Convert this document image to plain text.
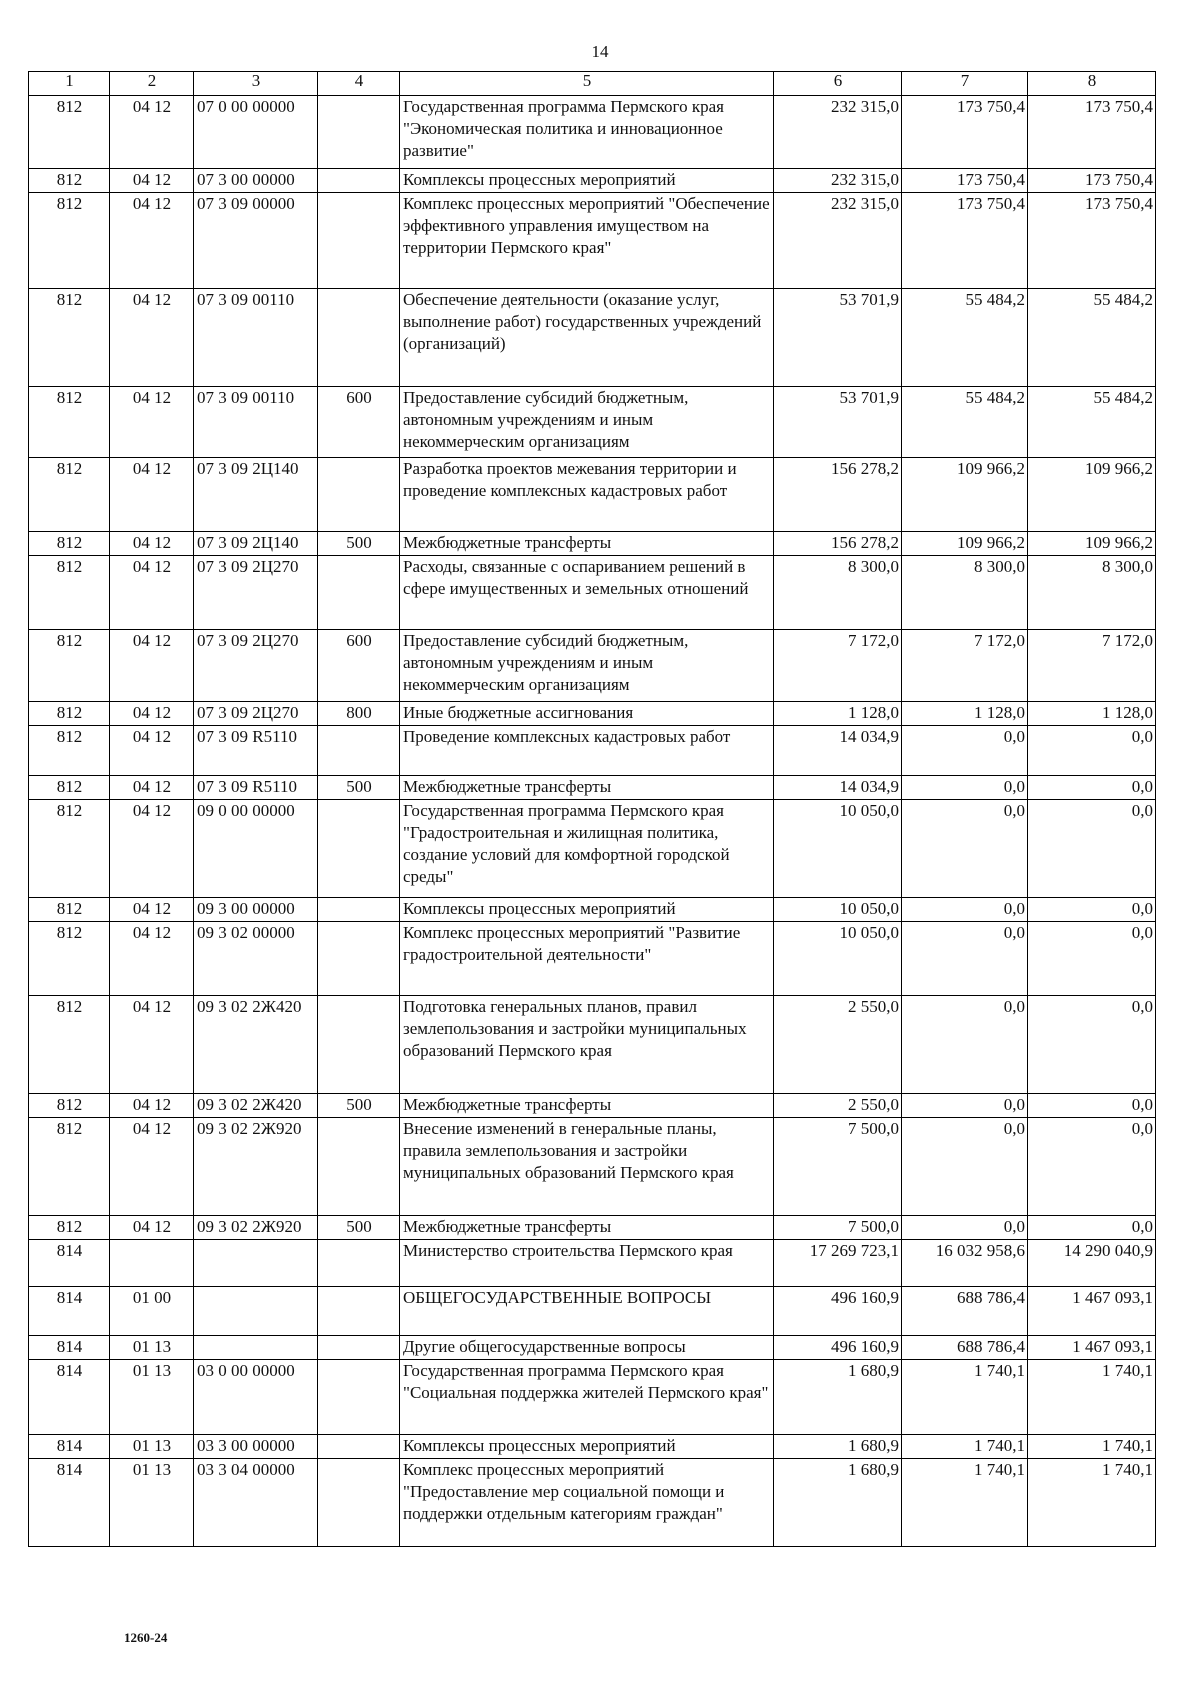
14
1	2	3	4	5	6	7	8
812	04 12	07 0 00 00000		Государственная программа Пермского края "Экономическая политика и инновационное развитие"	232 315,0	173 750,4	173 750,4
812	04 12	07 3 00 00000		Комплексы процессных мероприятий	232 315,0	173 750,4	173 750,4
812	04 12	07 3 09 00000		Комплекс процессных мероприятий "Обеспечение эффективного управления имуществом на территории Пермского края"	232 315,0	173 750,4	173 750,4
812	04 12	07 3 09 00110		Обеспечение деятельности (оказание услуг, выполнение работ) государственных учреждений (организаций)	53 701,9	55 484,2	55 484,2
812	04 12	07 3 09 00110	600	Предоставление субсидий бюджетным, автономным учреждениям и иным некоммерческим организациям	53 701,9	55 484,2	55 484,2
812	04 12	07 3 09 2Ц140		Разработка проектов межевания территории и проведение комплексных кадастровых работ	156 278,2	109 966,2	109 966,2
812	04 12	07 3 09 2Ц140	500	Межбюджетные трансферты	156 278,2	109 966,2	109 966,2
812	04 12	07 3 09 2Ц270		Расходы, связанные с оспариванием решений в сфере имущественных и земельных отношений	8 300,0	8 300,0	8 300,0
812	04 12	07 3 09 2Ц270	600	Предоставление субсидий бюджетным, автономным учреждениям и иным некоммерческим организациям	7 172,0	7 172,0	7 172,0
812	04 12	07 3 09 2Ц270	800	Иные бюджетные ассигнования	1 128,0	1 128,0	1 128,0
812	04 12	07 3 09 R5110		Проведение комплексных кадастровых работ	14 034,9	0,0	0,0
812	04 12	07 3 09 R5110	500	Межбюджетные трансферты	14 034,9	0,0	0,0
812	04 12	09 0 00 00000		Государственная программа Пермского края "Градостроительная и жилищная политика, создание условий для комфортной городской среды"	10 050,0	0,0	0,0
812	04 12	09 3 00 00000		Комплексы процессных мероприятий	10 050,0	0,0	0,0
812	04 12	09 3 02 00000		Комплекс процессных мероприятий "Развитие градостроительной деятельности"	10 050,0	0,0	0,0
812	04 12	09 3 02 2Ж420		Подготовка генеральных планов, правил землепользования и застройки муниципальных образований Пермского края	2 550,0	0,0	0,0
812	04 12	09 3 02 2Ж420	500	Межбюджетные трансферты	2 550,0	0,0	0,0
812	04 12	09 3 02 2Ж920		Внесение изменений в генеральные планы, правила землепользования и застройки муниципальных образований Пермского края	7 500,0	0,0	0,0
812	04 12	09 3 02 2Ж920	500	Межбюджетные трансферты	7 500,0	0,0	0,0
814				Министерство строительства Пермского края	17 269 723,1	16 032 958,6	14 290 040,9
814	01 00			ОБЩЕГОСУДАРСТВЕННЫЕ ВОПРОСЫ	496 160,9	688 786,4	1 467 093,1
814	01 13			Другие общегосударственные вопросы	496 160,9	688 786,4	1 467 093,1
814	01 13	03 0 00 00000		Государственная программа Пермского края "Социальная поддержка жителей Пермского края"	1 680,9	1 740,1	1 740,1
814	01 13	03 3 00 00000		Комплексы процессных мероприятий	1 680,9	1 740,1	1 740,1
814	01 13	03 3 04 00000		Комплекс процессных мероприятий "Предоставление мер социальной помощи и поддержки отдельным категориям граждан"	1 680,9	1 740,1	1 740,1
1260-24
